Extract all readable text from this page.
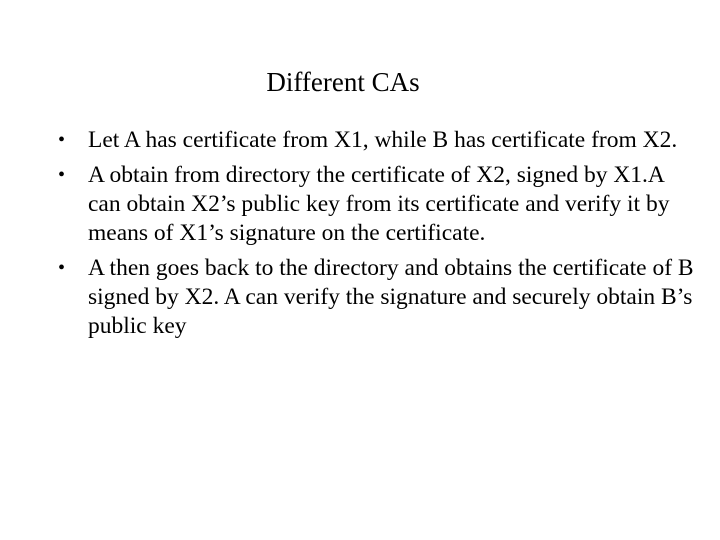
Different CAs
• Let A has certificate from X1, while B has certificate from X2.
• A obtain from directory the certificate of X2, signed by X1.A can obtain X2’s public key from its certificate and verify it by means of X1’s signature on the certificate.
• A then goes back to the directory and obtains the certificate of B signed by X2. A can verify the signature and securely obtain B’s public key
